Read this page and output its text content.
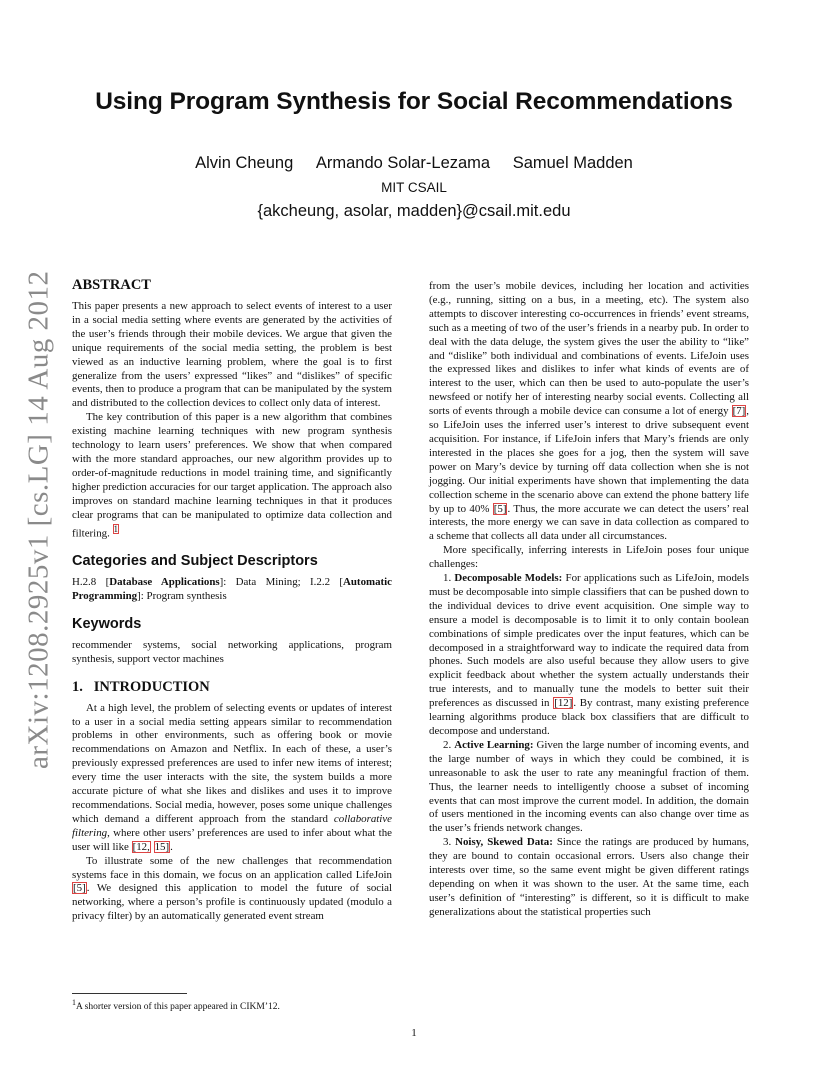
Using Program Synthesis for Social Recommendations
Alvin Cheung Armando Solar-Lezama Samuel Madden
MIT CSAIL
{akcheung, asolar, madden}@csail.mit.edu
arXiv:1208.2925v1 [cs.LG] 14 Aug 2012	ABSTRACT

This paper presents a new approach to select events of interest to a user in a social media setting where events are generated by the activities of the user’s friends through their mobile devices. We argue that given the unique requirements of the social media setting, the problem is best viewed as an inductive learning problem, where the goal is to first generalize from the users’ expressed “likes” and “dislikes” of specific events, then to produce a program that can be manipulated by the system and distributed to the collection devices to collect only data of interest.

The key contribution of this paper is a new algorithm that combines existing machine learning techniques with new program synthesis technology to learn users’ preferences. We show that when compared with the more standard approaches, our new algorithm provides up to order-of-magnitude reductions in model training time, and significantly higher prediction accuracies for our target application. The approach also improves on standard machine learning techniques in that it produces clear programs that can be manipulated to optimize data collection and filtering. $^1$

Categories and Subject Descriptors

H.2.8 [Database Applications]: Data Mining; I.2.2 [Automatic Programming]: Program synthesis

Keywords

recommender systems, social networking applications, program synthesis, support vector machines

1.   INTRODUCTION

At a high level, the problem of selecting events or updates of interest to a user in a social media setting appears similar to recommendation problems in other environments, such as offering book or movie recommendations on Amazon and Netflix. In each of these, a user’s previously expressed preferences are used to infer new items of interest; every time the user interacts with the site, the system builds a more accurate picture of what she likes and dislikes and uses it to improve recommendations. Social media, however, poses some unique challenges which demand a different approach from the standard collaborative filtering, where other users’ preferences are used to infer about what the user will like [12, 15].

To illustrate some of the new challenges that recommendation systems face in this domain, we focus on an application called LifeJoin [5]. We designed this application to model the future of social networking, where a person’s profile is continuously updated (modulo a privacy filter) by an automatically generated event stream

$^1$A shorter version of this paper appeared in CIKM’12.

from the user’s mobile devices, including her location and activities (e.g., running, sitting on a bus, in a meeting, etc). The system also attempts to discover interesting co-occurrences in friends’ event streams, such as a meeting of two of the user’s friends in a nearby pub. In order to deal with the data deluge, the system gives the user the ability to “like” and “dislike” both individual and combinations of events. LifeJoin uses the expressed likes and dislikes to infer what kinds of events are of interest to the user, which can then be used to auto-populate the user’s newsfeed or notify her of interesting nearby social events. Collecting all sorts of events through a mobile device can consume a lot of energy [7], so LifeJoin uses the inferred user’s interest to drive subsequent event acquisition. For instance, if LifeJoin infers that Mary’s friends are only interested in the places she goes for a jog, then the system will save power on Mary’s device by turning off data collection when she is not jogging. Our initial experiments have shown that implementing the data collection scheme in the scenario above can extend the phone battery life by up to 40% [5]. Thus, the more accurate we can detect the users’ real interests, the more energy we can save in data collection as compared to a scheme that collects all data under all circumstances.

More specifically, inferring interests in LifeJoin poses four unique challenges:

1. Decomposable Models: For applications such as LifeJoin, models must be decomposable into simple classifiers that can be pushed down to the individual devices to drive event acquisition. One simple way to ensure a model is decomposable is to limit it to only contain boolean combinations of simple predicates over the input features, which can be decomposed in a straightforward way to indicate the required data from phones. Such models are also useful because they allow users to give explicit feedback about whether the system actually understands their true interests, and to manually tune the models to better suit their preferences as discussed in [12]. By contrast, many existing preference learning algorithms produce black box classifiers that are difficult to decompose and understand.

2. Active Learning: Given the large number of incoming events, and the large number of ways in which they could be combined, it is unreasonable to ask the user to rate any meaningful fraction of them. Thus, the learner needs to intelligently choose a subset of incoming events that can most improve the current model. In addition, the domain of users mentioned in the incoming events can also change over time as the user’s friends network changes.

3. Noisy, Skewed Data: Since the ratings are produced by humans, they are bound to contain occasional errors. Users also change their interests over time, so the same event might be given different ratings depending on when it was shown to the user. At the same time, each user’s definition of “interesting” is different, so it is difficult to make generalizations about the statistical properties such

1
